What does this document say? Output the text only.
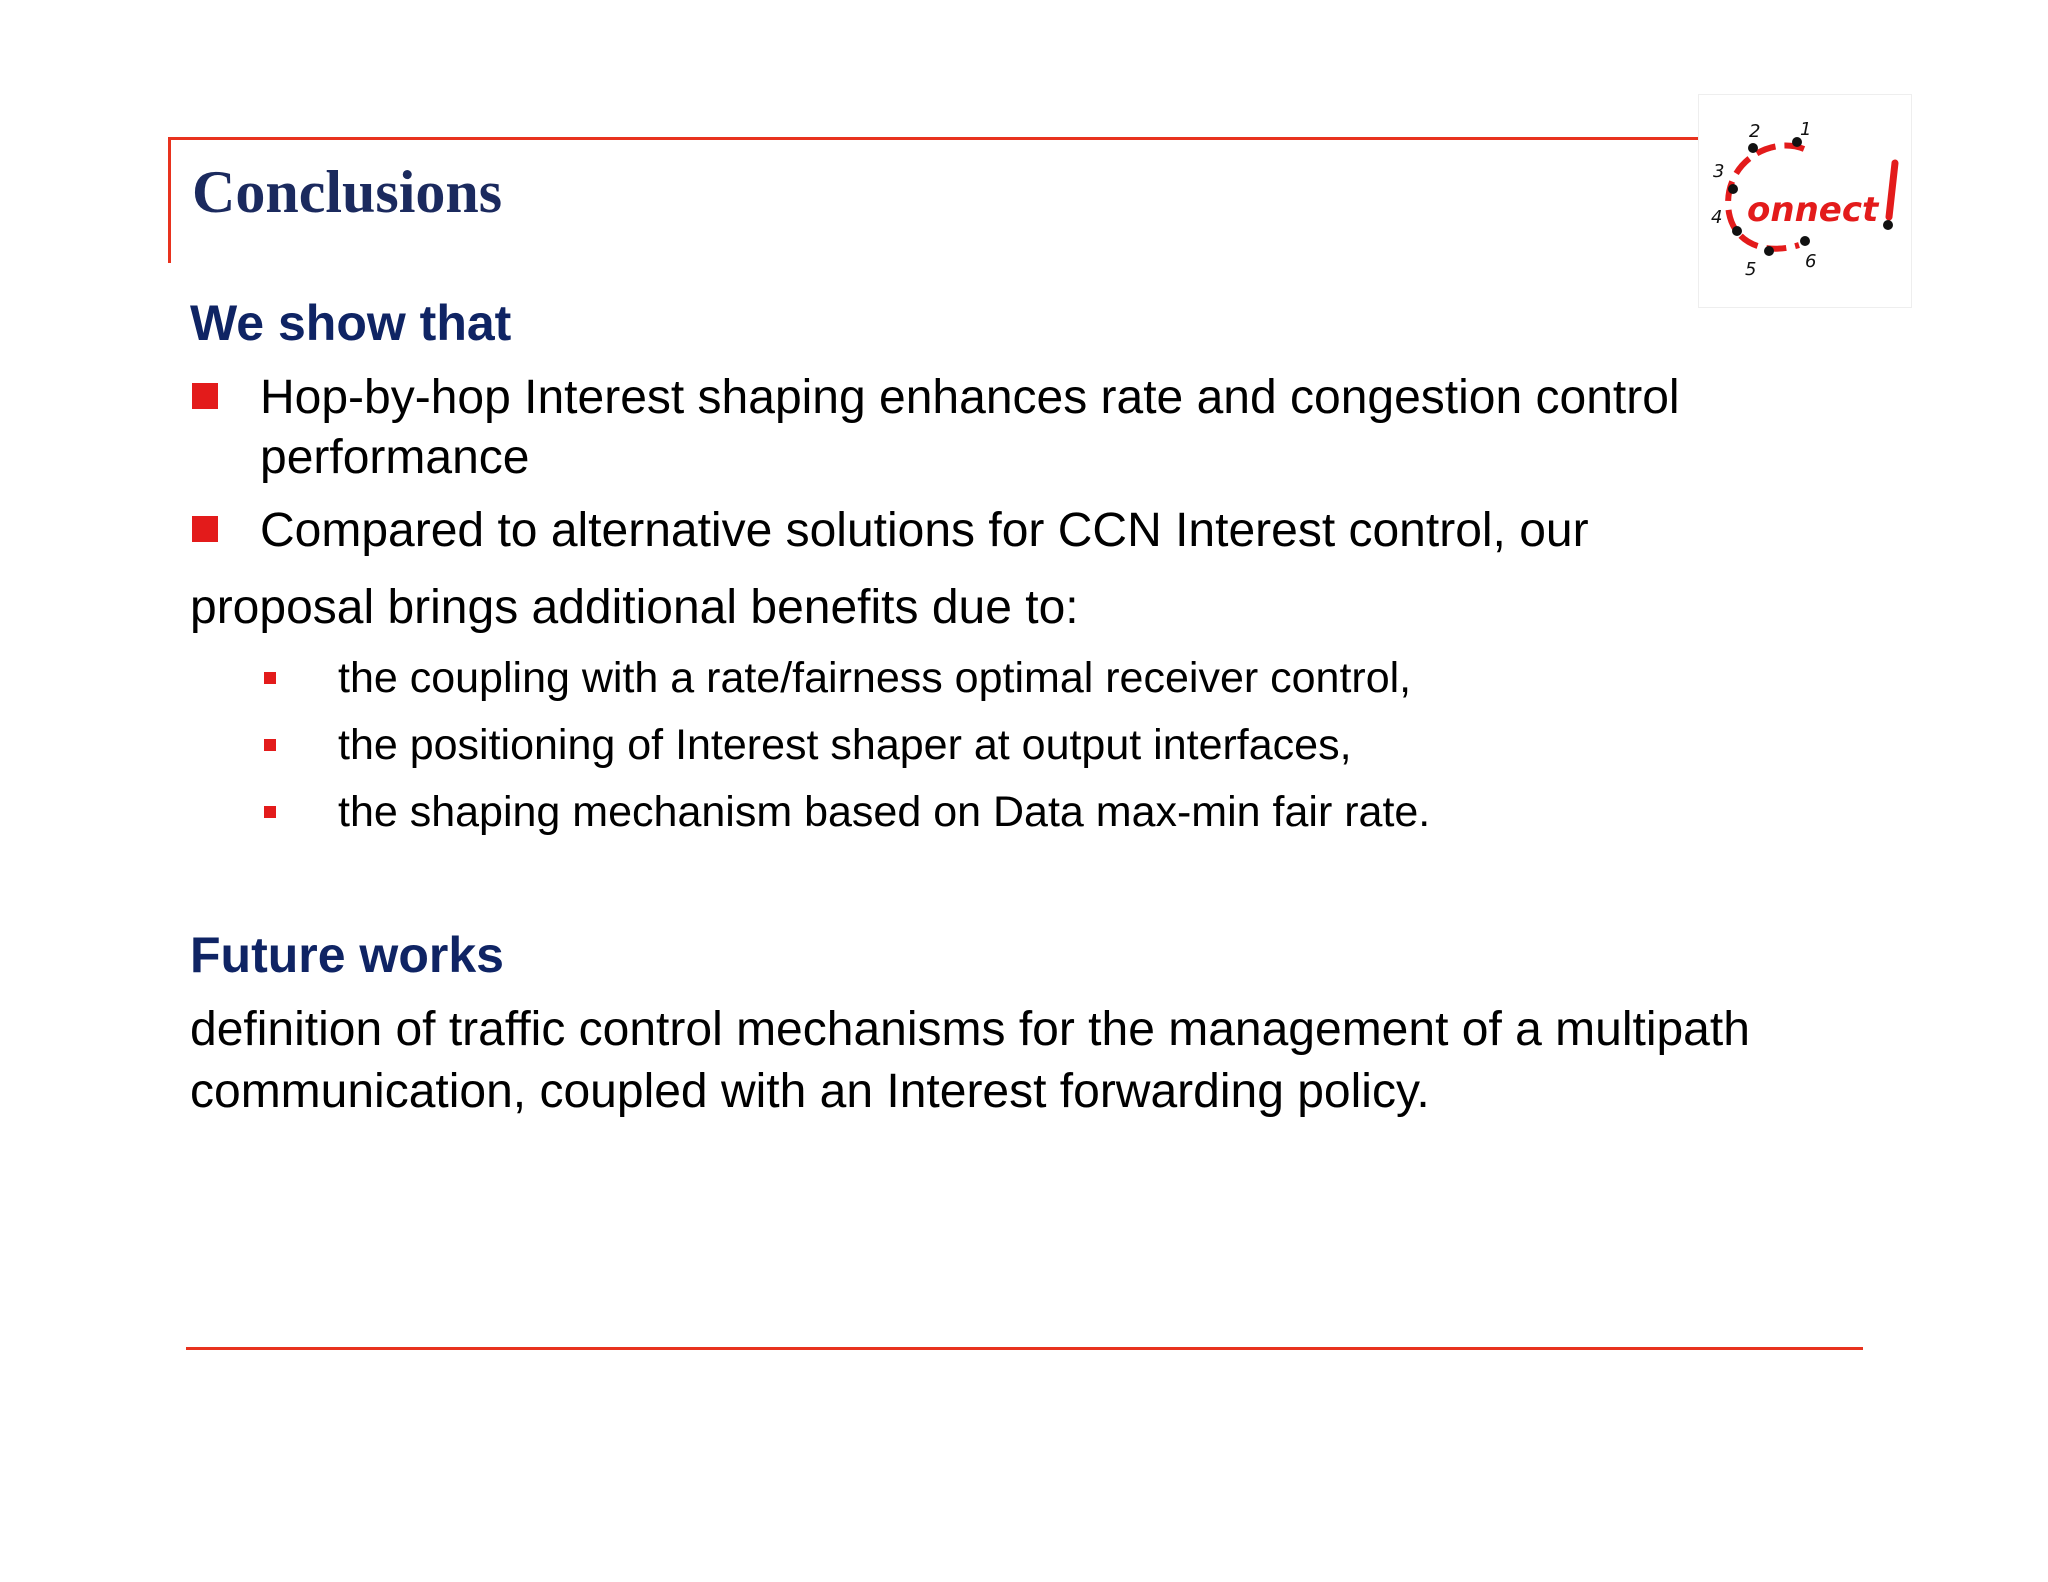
Conclusions
1
2
3
4
5	6
onnect
We show that
Hop-by-hop Interest shaping enhances rate and congestion control performance
Compared to alternative solutions for CCN Interest control, our

proposal brings additional benefits due to:

the coupling with a rate/fairness optimal receiver control,
the positioning of Interest shaper at output interfaces,
the shaping mechanism based on Data max-min fair rate.
Future works

definition of traffic control mechanisms for the management of a multipath

communication, coupled with an Interest forwarding policy.
